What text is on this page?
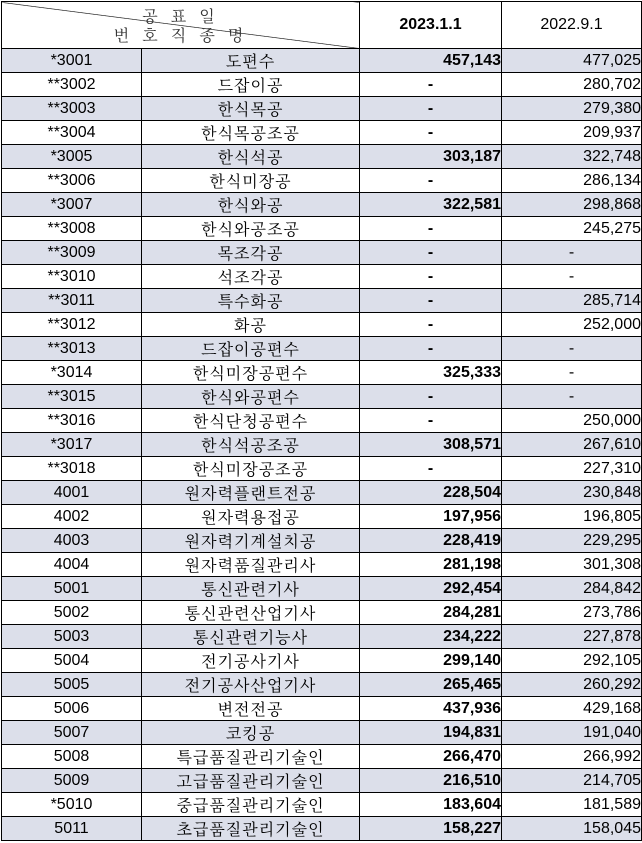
공 표 일
번 호 직 종 명		2023.1.1	2022.9.1
*3001	도편수	457,143	477,025
**3002	드잡이공	-	280,702
**3003	한식목공	-	279,380
**3004	한식목공조공	-	209,937
*3005	한식석공	303,187	322,748
**3006	한식미장공	-	286,134
*3007	한식와공	322,581	298,868
**3008	한식와공조공	-	245,275
**3009	목조각공	-	-
**3010	석조각공	-	-
**3011	특수화공	-	285,714
**3012	화공	-	252,000
**3013	드잡이공편수	-	-
*3014	한식미장공편수	325,333	-
**3015	한식와공편수	-	-
**3016	한식단청공편수	-	250,000
*3017	한식석공조공	308,571	267,610
**3018	한식미장공조공	-	227,310
4001	원자력플랜트전공	228,504	230,848
4002	원자력용접공	197,956	196,805
4003	원자력기계설치공	228,419	229,295
4004	원자력품질관리사	281,198	301,308
5001	통신관련기사	292,454	284,842
5002	통신관련산업기사	284,281	273,786
5003	통신관련기능사	234,222	227,878
5004	전기공사기사	299,140	292,105
5005	전기공사산업기사	265,465	260,292
5006	변전전공	437,936	429,168
5007	코킹공	194,831	191,040
5008	특급품질관리기술인	266,470	266,992
5009	고급품질관리기술인	216,510	214,705
*5010	중급품질관리기술인	183,604	181,589
5011	초급품질관리기술인	158,227	158,045
